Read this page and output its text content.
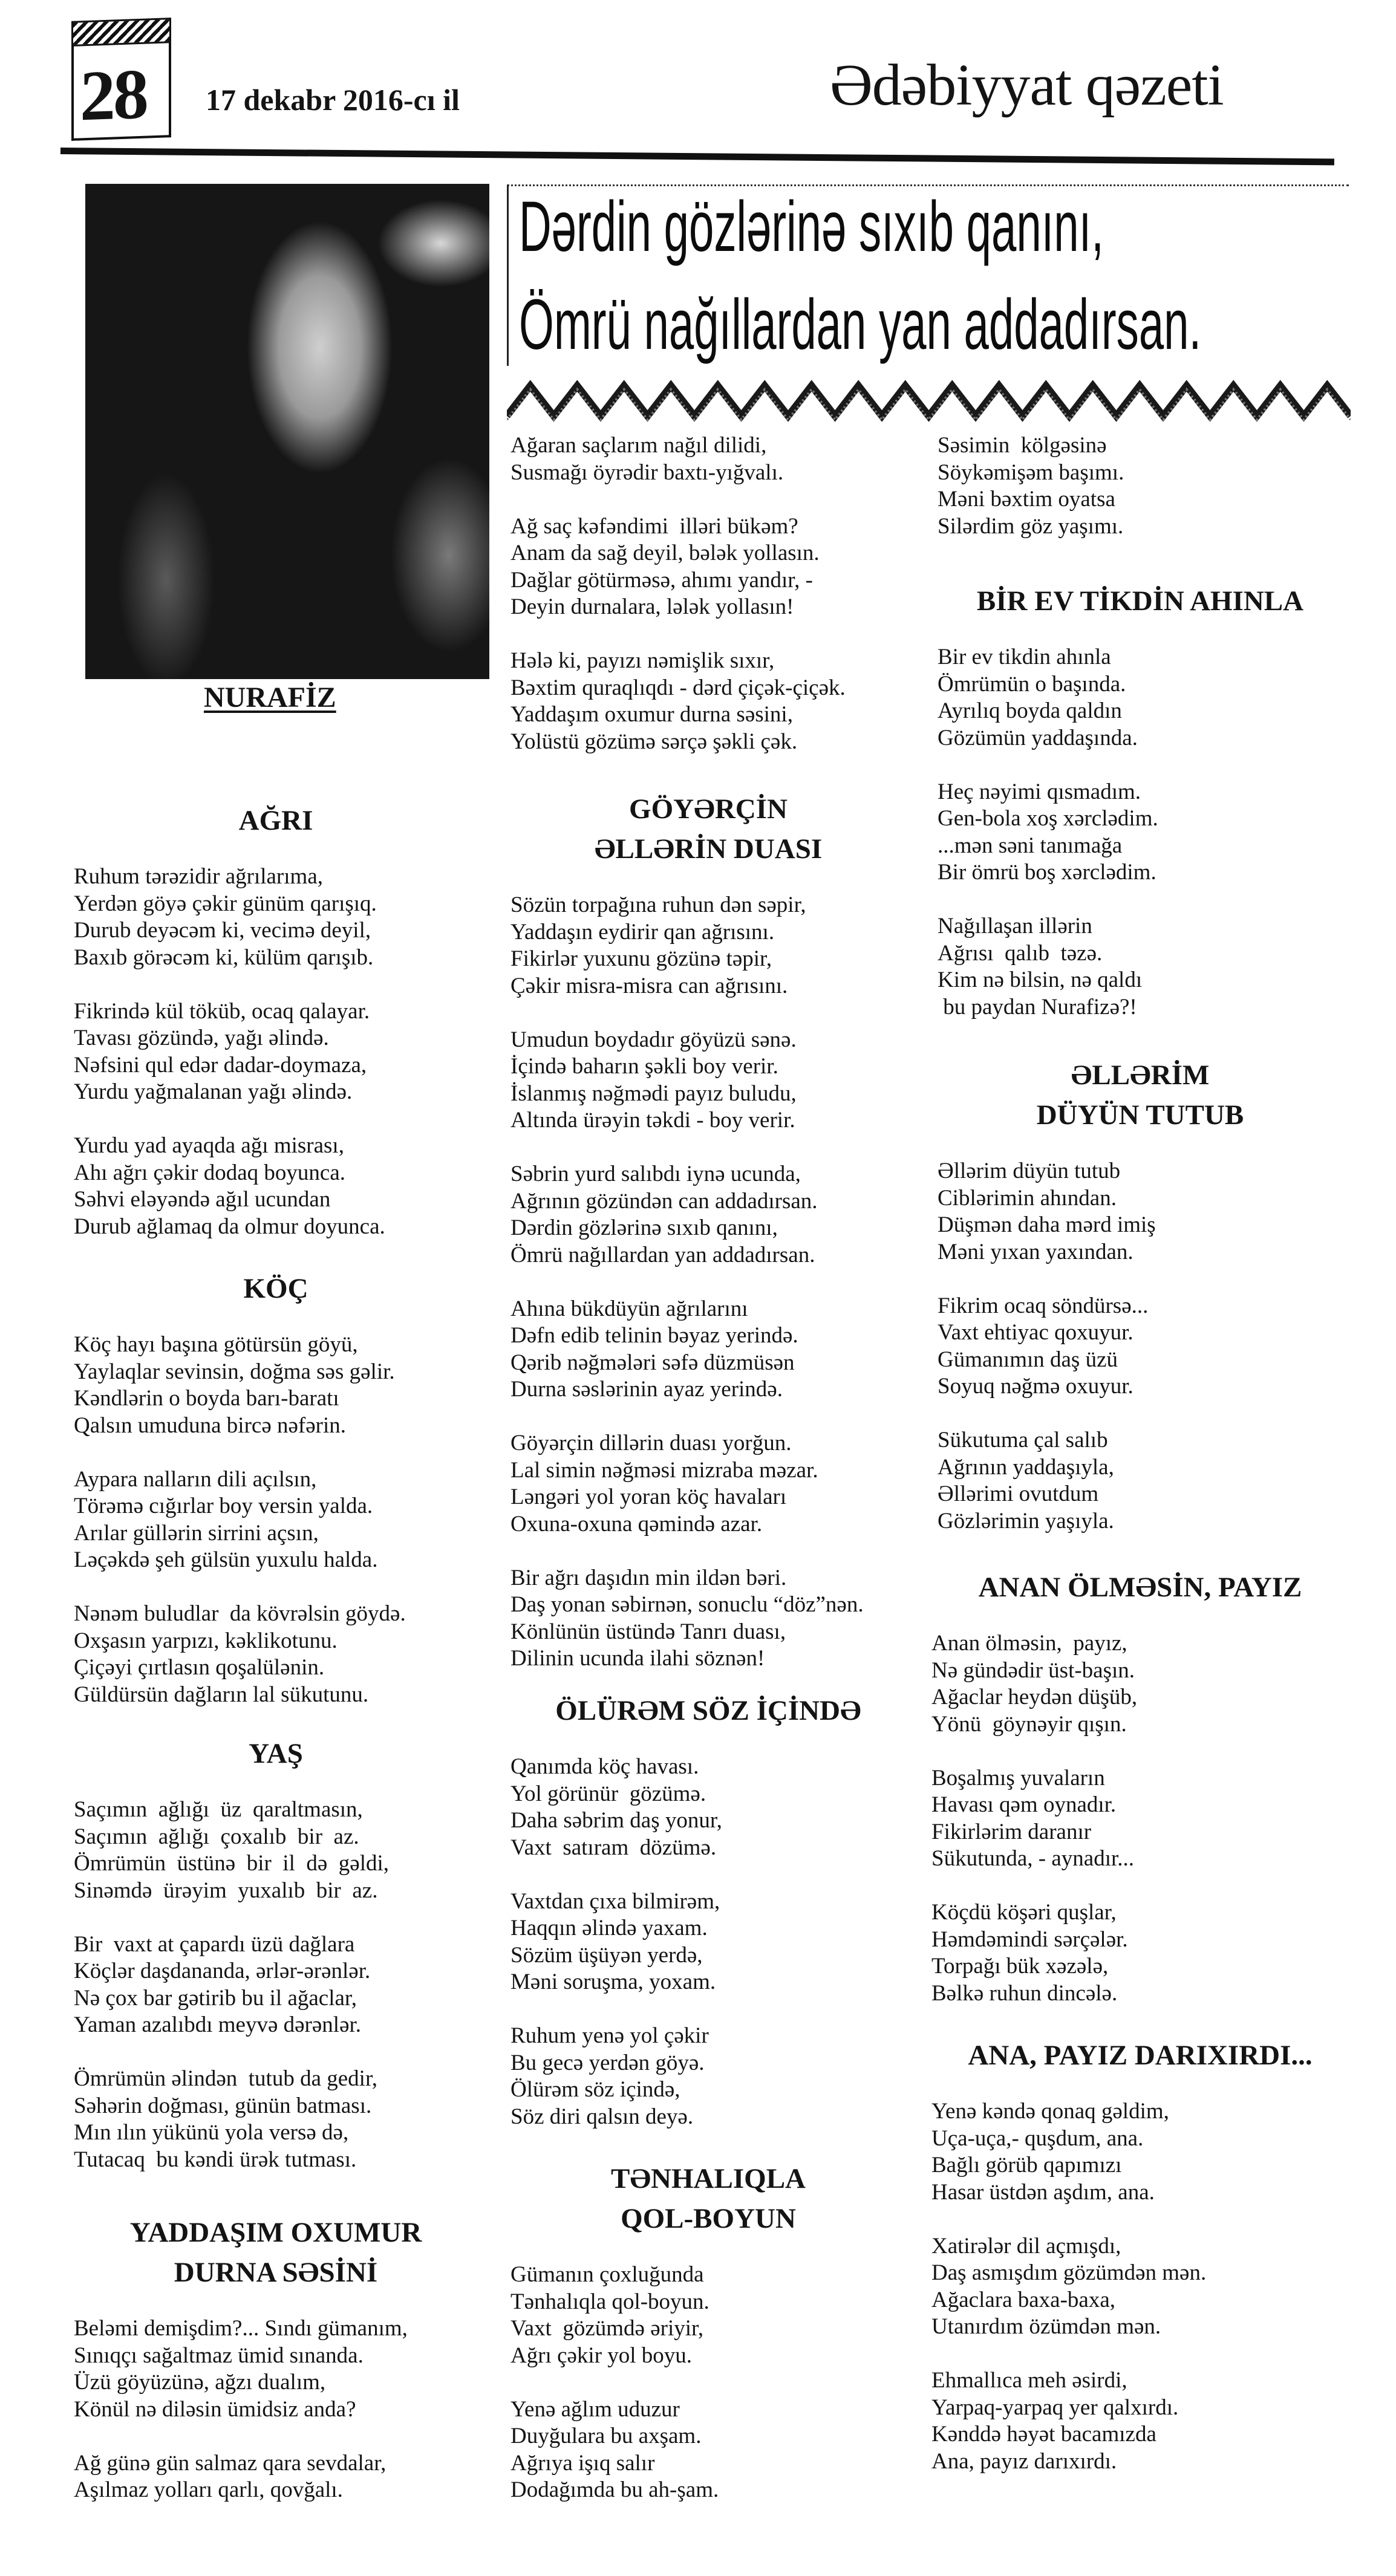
28 17 dekabr 2016-cı il	Ədəbiyyat qəzeti
NURAFİZ
Dərdin gözlərinə sıxıb qanını,
Ömrü nağıllardan yan addadırsan.
AĞRI
Ruhum tərəzidir ağrılarıma,
Yerdən göyə çəkir günüm qarışıq.
Durub deyəcəm ki, vecimə deyil,
Baxıb görəcəm ki, külüm qarışıb.
Fikrində kül töküb, ocaq qalayar.
Tavası gözündə, yağı əlində.
Nəfsini qul edər dadar-doymaza,
Yurdu yağmalanan yağı əlində.
Yurdu yad ayaqda ağı misrası,
Ahı ağrı çəkir dodaq boyunca.
Səhvi eləyəndə ağıl ucundan
Durub ağlamaq da olmur doyunca.
KÖÇ
Köç hayı başına götürsün göyü,
Yaylaqlar sevinsin, doğma səs gəlir.
Kəndlərin o boyda barı-baratı
Qalsın umuduna bircə nəfərin.
Aypara nalların dili açılsın,
Törəmə cığırlar boy versin yalda.
Arılar güllərin sirrini açsın,
Ləçəkdə şeh gülsün yuxulu halda.
Nənəm buludlar  da kövrəlsin göydə.
Oxşasın yarpızı, kəklikotunu.
Çiçəyi çırtlasın qoşalülənin.
Güldürsün dağların lal sükutunu.
YAŞ
Saçımın  ağlığı  üz  qaraltmasın,
Saçımın  ağlığı  çoxalıb  bir  az.
Ömrümün  üstünə  bir  il  də  gəldi,
Sinəmdə  ürəyim  yuxalıb  bir  az.
Bir  vaxt at çapardı üzü dağlara
Köçlər daşdananda, ərlər-ərənlər.
Nə çox bar gətirib bu il ağaclar,
Yaman azalıbdı meyvə dərənlər.
Ömrümün əlindən  tutub da gedir,
Səhərin doğması, günün batması.
Mın ılın yükünü yola versə də,
Tutacaq  bu kəndi ürək tutması.
YADDAŞIM OXUMUR
DURNA SƏSİNİ
Beləmi demişdim?... Sındı gümanım,
Sınıqçı sağaltmaz ümid sınanda.
Üzü göyüzünə, ağzı dualım,
Könül nə diləsin ümidsiz anda?
Ağ günə gün salmaz qara sevdalar,
Aşılmaz yolları qarlı, qovğalı.
Ağaran saçlarım nağıl dilidi,
Susmağı öyrədir baxtı-yığvalı.
Ağ saç kəfəndimi  illəri bükəm?
Anam da sağ deyil, bələk yollasın.
Dağlar götürməsə, ahımı yandır, -
Deyin durnalara, lələk yollasın!
Hələ ki, payızı nəmişlik sıxır,
Bəxtim quraqlıqdı - dərd çiçək-çiçək.
Yaddaşım oxumur durna səsini,
Yolüstü gözümə sərçə şəkli çək.
GÖYƏRÇİN
ƏLLƏRİN DUASI
Sözün torpağına ruhun dən səpir,
Yaddaşın eydirir qan ağrısını.
Fikirlər yuxunu gözünə təpir,
Çəkir misra-misra can ağrısını.
Umudun boydadır göyüzü sənə.
İçində baharın şəkli boy verir.
İslanmış nəğmədi payız buludu,
Altında ürəyin təkdi - boy verir.
Səbrin yurd salıbdı iynə ucunda,
Ağrının gözündən can addadırsan.
Dərdin gözlərinə sıxıb qanını,
Ömrü nağıllardan yan addadırsan.
Ahına bükdüyün ağrılarını
Dəfn edib telinin bəyaz yerində.
Qərib nəğmələri səfə düzmüsən
Durna səslərinin ayaz yerində.
Göyərçin dillərin duası yorğun.
Lal simin nəğməsi mizraba məzar.
Ləngəri yol yoran köç havaları
Oxuna-oxuna qəmində azar.
Bir ağrı daşıdın min ildən bəri.
Daş yonan səbirnən, sonuclu “döz”nən.
Könlünün üstündə Tanrı duası,
Dilinin ucunda ilahi söznən!
ÖLÜRƏM SÖZ İÇİNDƏ
Qanımda köç havası.
Yol görünür  gözümə.
Daha səbrim daş yonur,
Vaxt  satıram  dözümə.
Vaxtdan çıxa bilmirəm,
Haqqın əlində yaxam.
Sözüm üşüyən yerdə,
Məni soruşma, yoxam.
Ruhum yenə yol çəkir
Bu gecə yerdən göyə.
Ölürəm söz içində,
Söz diri qalsın deyə.
TƏNHALIQLA
QOL-BOYUN
Gümanın çoxluğunda
Tənhalıqla qol-boyun.
Vaxt  gözümdə əriyir,
Ağrı çəkir yol boyu.
Yenə ağlım uduzur
Duyğulara bu axşam.
Ağrıya işıq salır
Dodağımda bu ah-şam.
Səsimin  kölgəsinə
Söykəmişəm başımı.
Məni bəxtim oyatsa
Silərdim göz yaşımı.
BİR EV TİKDİN AHINLA
Bir ev tikdin ahınla
Ömrümün o başında.
Ayrılıq boyda qaldın
Gözümün yaddaşında.
Heç nəyimi qısmadım.
Gen-bola xoş xərclədim.
...mən səni tanımağa
Bir ömrü boş xərclədim.
Nağıllaşan illərin
Ağrısı  qalıb  təzə.
Kim nə bilsin, nə qaldı
bu paydan Nurafizə?!
ƏLLƏRİM
DÜYÜN TUTUB
Əllərim düyün tutub
Ciblərimin ahından.
Düşmən daha mərd imiş
Məni yıxan yaxından.
Fikrim ocaq söndürsə...
Vaxt ehtiyac qoxuyur.
Gümanımın daş üzü
Soyuq nəğmə oxuyur.
Sükutuma çal salıb
Ağrının yaddaşıyla,
Əllərimi ovutdum
Gözlərimin yaşıyla.
ANAN ÖLMƏSİN, PAYIZ
Anan ölməsin,  payız,
Nə gündədir üst-başın.
Ağaclar heydən düşüb,
Yönü  göynəyir qışın.
Boşalmış yuvaların
Havası qəm oynadır.
Fikirlərim daranır
Sükutunda, - aynadır...
Köçdü köşəri quşlar,
Həmdəmindi sərçələr.
Torpağı bük xəzələ,
Bəlkə ruhun dincələ.
ANA, PAYIZ DARIXIRDI...
Yenə kəndə qonaq gəldim,
Uça-uça,- quşdum, ana.
Bağlı görüb qapımızı
Hasar üstdən aşdım, ana.
Xatirələr dil açmışdı,
Daş asmışdım gözümdən mən.
Ağaclara baxa-baxa,
Utanırdım özümdən mən.
Ehmallıca meh əsirdi,
Yarpaq-yarpaq yer qalxırdı.
Kənddə həyət bacamızda
Ana, payız darıxırdı.
